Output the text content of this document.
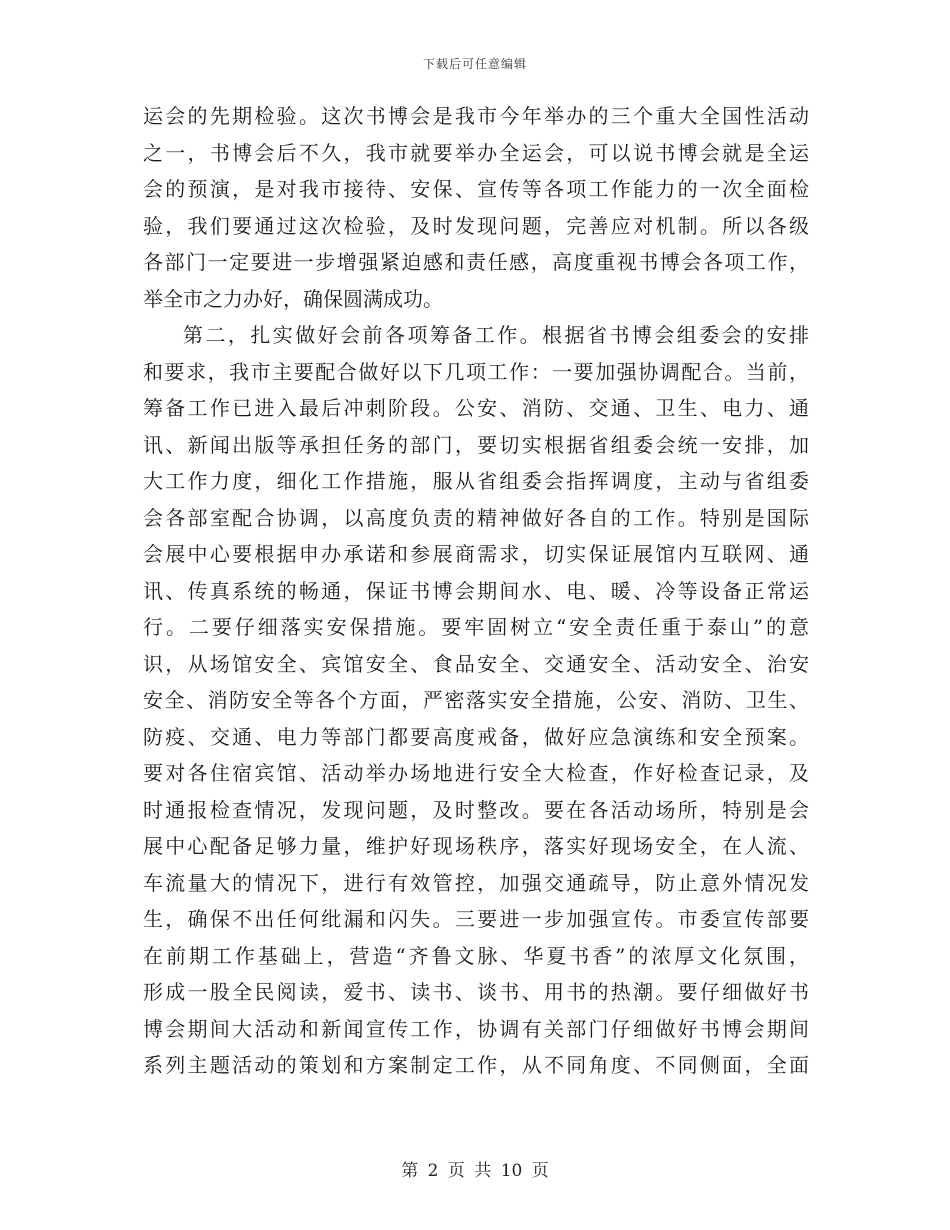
下载后可任意编辑
运会的先期检验。这次书博会是我市今年举办的三个重大全国性活动
之一，书博会后不久，我市就要举办全运会，可以说书博会就是全运
会的预演，是对我市接待、安保、宣传等各项工作能力的一次全面检
验，我们要通过这次检验，及时发现问题，完善应对机制。所以各级
各部门一定要进一步增强紧迫感和责任感，高度重视书博会各项工作，
举全市之力办好，确保圆满成功。
第二，扎实做好会前各项筹备工作。根据省书博会组委会的安排
和要求，我市主要配合做好以下几项工作：一要加强协调配合。当前，
筹备工作已进入最后冲刺阶段。公安、消防、交通、卫生、电力、通
讯、新闻出版等承担任务的部门，要切实根据省组委会统一安排，加
大工作力度，细化工作措施，服从省组委会指挥调度，主动与省组委
会各部室配合协调，以高度负责的精神做好各自的工作。特别是国际
会展中心要根据申办承诺和参展商需求，切实保证展馆内互联网、通
讯、传真系统的畅通，保证书博会期间水、电、暖、冷等设备正常运
行。二要仔细落实安保措施。要牢固树立“安全责任重于泰山”的意
识，从场馆安全、宾馆安全、食品安全、交通安全、活动安全、治安
安全、消防安全等各个方面，严密落实安全措施，公安、消防、卫生、
防疫、交通、电力等部门都要高度戒备，做好应急演练和安全预案。
要对各住宿宾馆、活动举办场地进行安全大检查，作好检查记录，及
时通报检查情况，发现问题，及时整改。要在各活动场所，特别是会
展中心配备足够力量，维护好现场秩序，落实好现场安全，在人流、
车流量大的情况下，进行有效管控，加强交通疏导，防止意外情况发
生，确保不出任何纰漏和闪失。三要进一步加强宣传。市委宣传部要
在前期工作基础上，营造“齐鲁文脉、华夏书香”的浓厚文化氛围，
形成一股全民阅读，爱书、读书、谈书、用书的热潮。要仔细做好书
博会期间大活动和新闻宣传工作，协调有关部门仔细做好书博会期间
系列主题活动的策划和方案制定工作，从不同角度、不同侧面，全面
第 2 页 共 10 页
